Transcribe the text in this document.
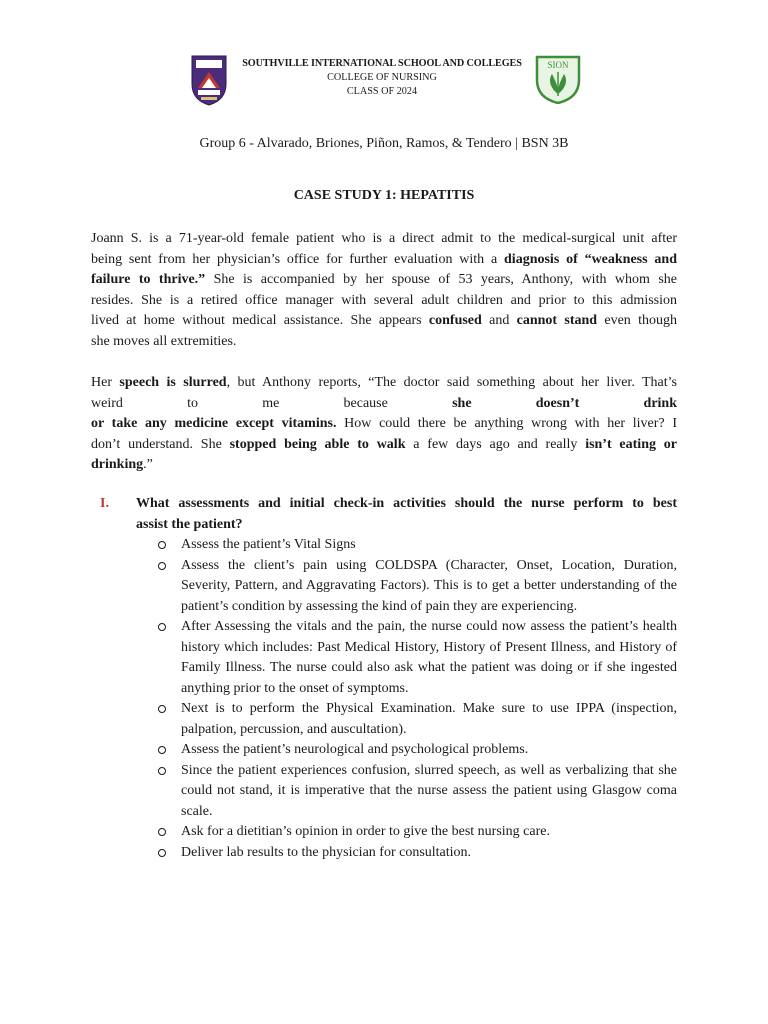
SOUTHVILLE INTERNATIONAL SCHOOL AND COLLEGES
COLLEGE OF NURSING
CLASS OF 2024
SION
Group 6 - Alvarado, Briones, Piñon, Ramos, & Tendero | BSN 3B
CASE STUDY 1: HEPATITIS
Joann S. is a 71-year-old female patient who is a direct admit to the medical-surgical unit after
being sent from her physician’s office for further evaluation with a diagnosis of “weakness and
failure to thrive.” She is accompanied by her spouse of 53 years, Anthony, with whom she
resides. She is a retired office manager with several adult children and prior to this admission
lived at home without medical assistance. She appears confused and cannot stand even though
she moves all extremities.
Her speech is slurred, but Anthony reports, “The doctor said something about her liver. That’s
weird to me because she doesn’t drink
or take any medicine except vitamins. How could there be anything wrong with her liver? I
don’t understand. She stopped being able to walk a few days ago and really isn’t eating or
drinking.”
I. What assessments and initial check-in activities should the nurse perform to best
assist the patient?
Assess the patient’s Vital Signs
Assess the client’s pain using COLDSPA (Character, Onset, Location, Duration, Severity, Pattern, and Aggravating Factors). This is to get a better understanding of the patient’s condition by assessing the kind of pain they are experiencing.
After Assessing the vitals and the pain, the nurse could now assess the patient’s health history which includes: Past Medical History, History of Present Illness, and History of Family Illness. The nurse could also ask what the patient was doing or if she ingested anything prior to the onset of symptoms.
Next is to perform the Physical Examination. Make sure to use IPPA (inspection, palpation, percussion, and auscultation).
Assess the patient’s neurological and psychological problems.
Since the patient experiences confusion, slurred speech, as well as verbalizing that she could not stand, it is imperative that the nurse assess the patient using Glasgow coma scale.
Ask for a dietitian’s opinion in order to give the best nursing care.
Deliver lab results to the physician for consultation.
